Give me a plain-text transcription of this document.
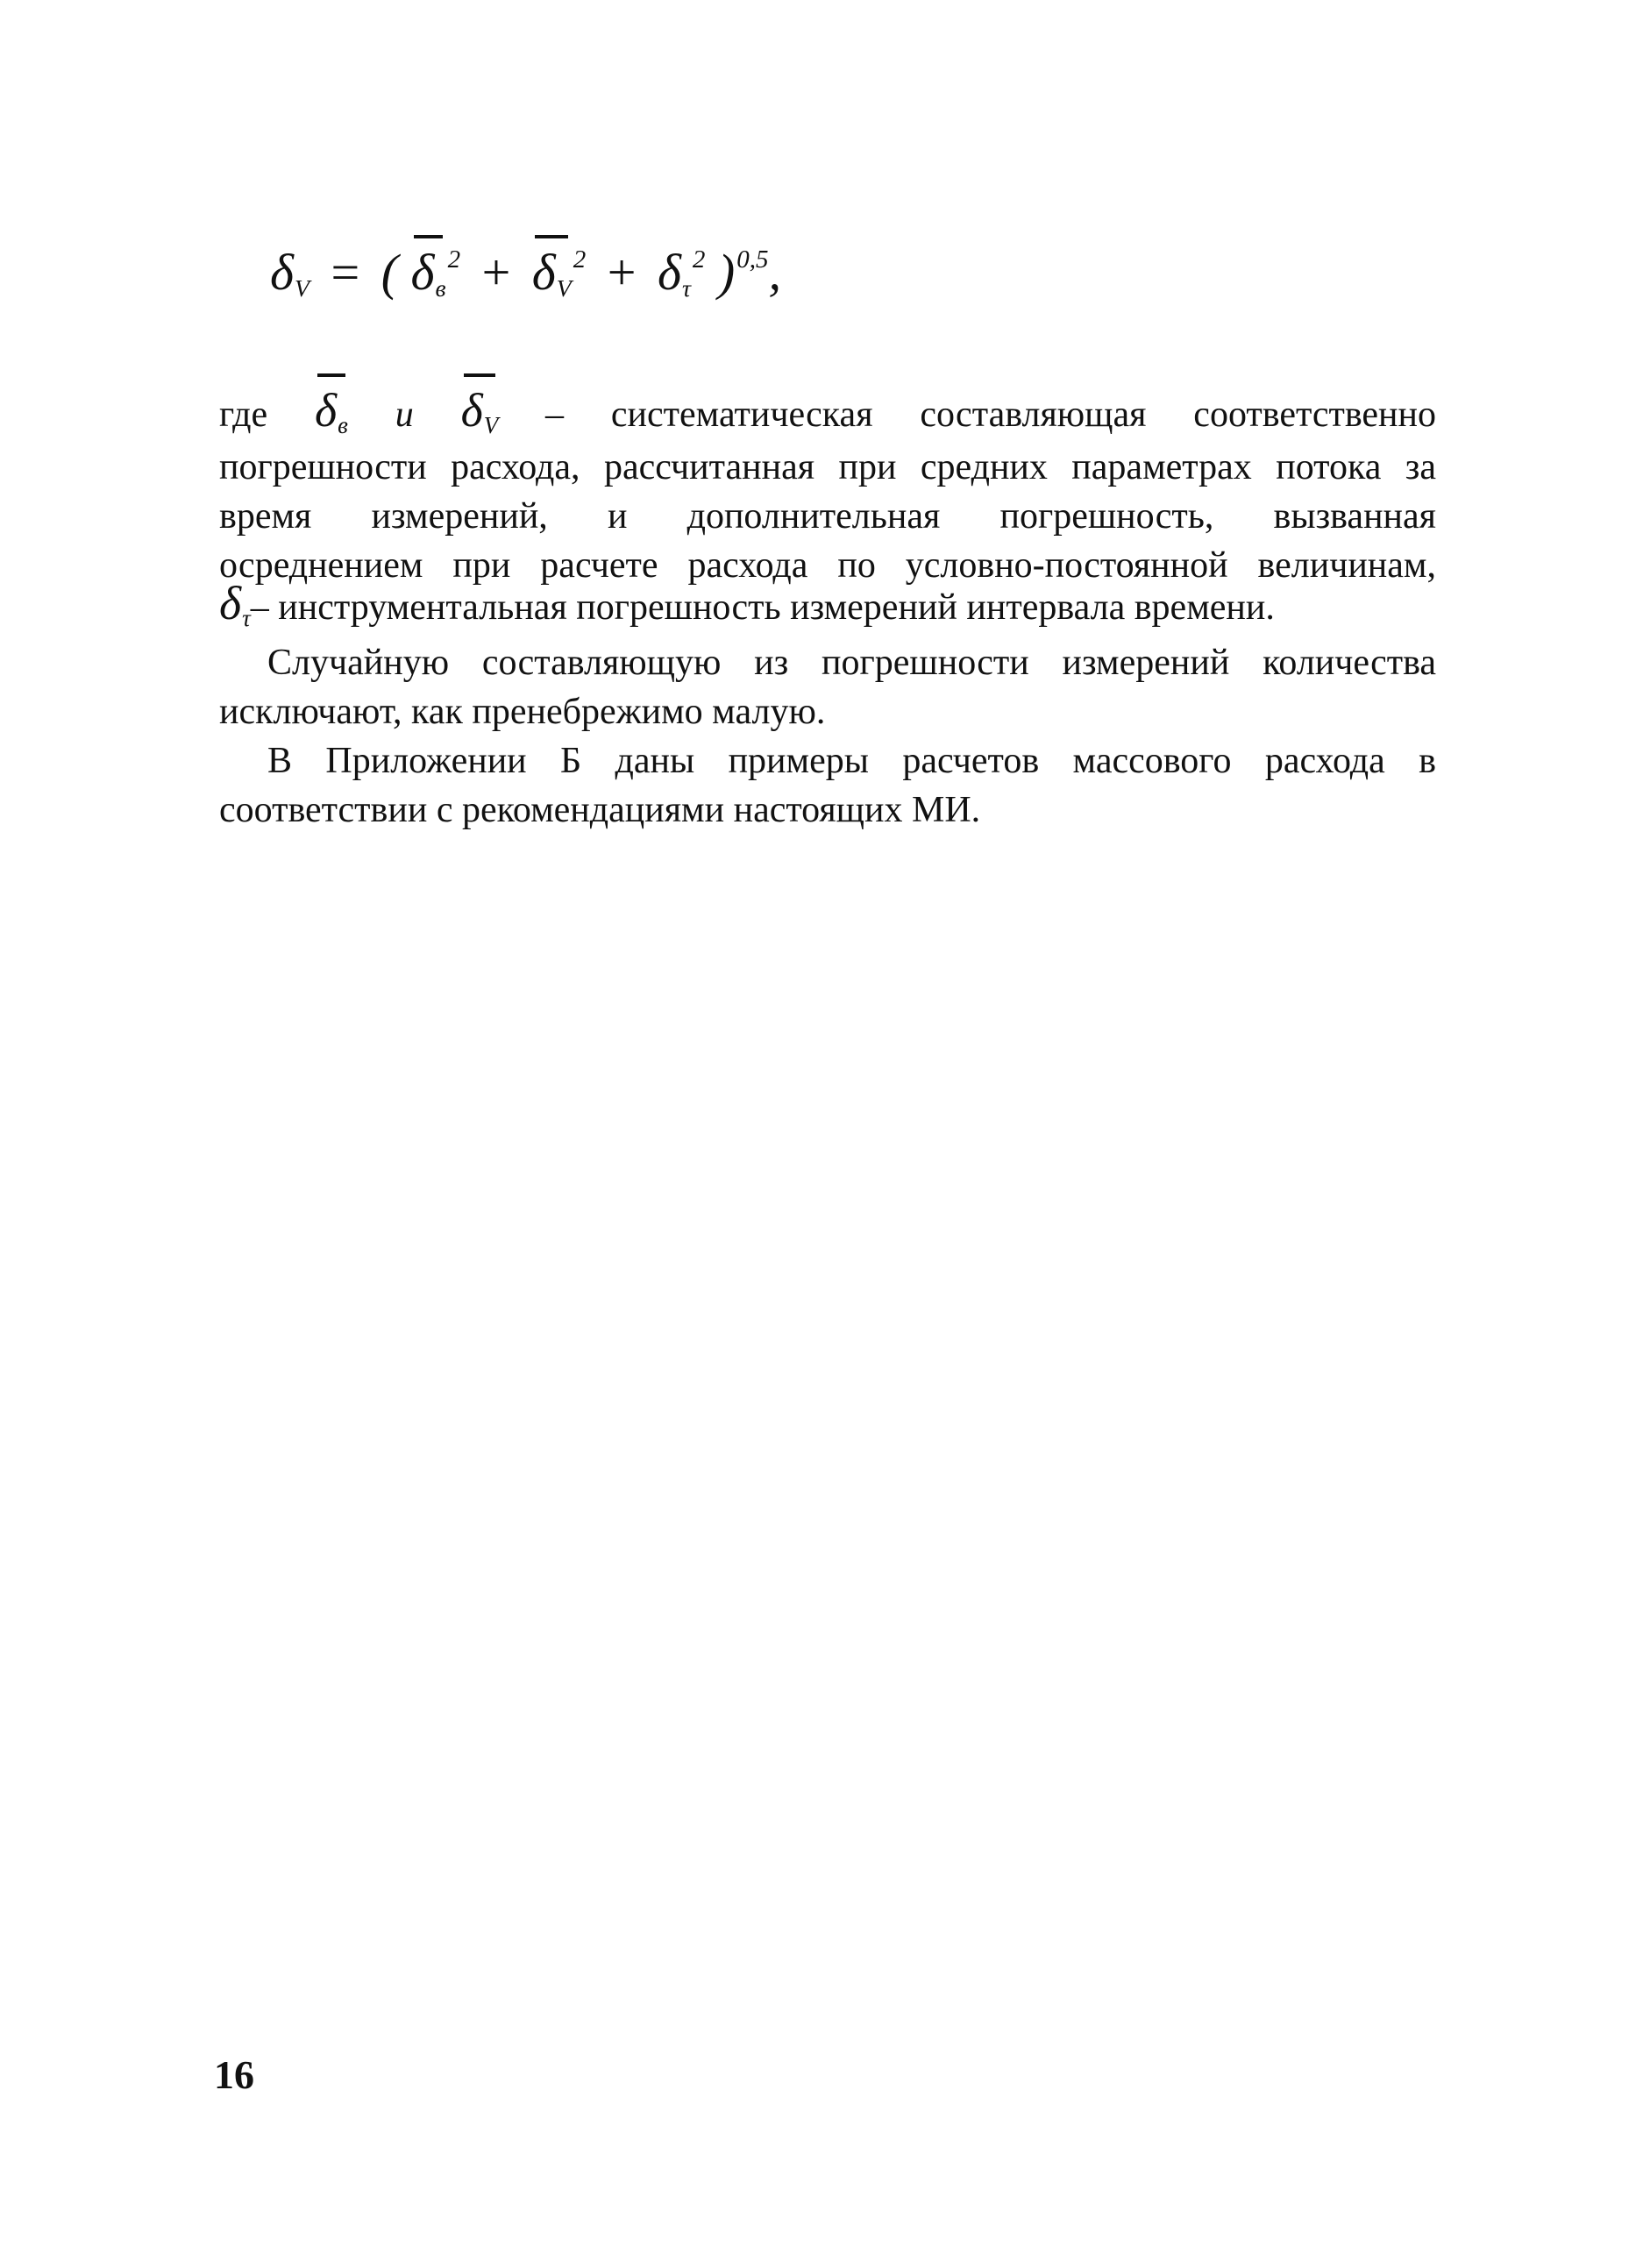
δV = ( $\delta в^2 + \delta V^2 + \delta\tau^2$ )$^{0,5}$,
где δв и δV – систематическая составляющая соответственно
погрешности расхода, рассчитанная при средних параметрах потока за
время измерений, и дополнительная погрешность, вызванная
осреднением при расчете расхода по условно-постоянной величинам,
δτ– инструментальная погрешность измерений интервала времени.
Случайную составляющую из погрешности измерений количества
исключают, как пренебрежимо малую.
В Приложении Б даны примеры расчетов массового расхода в
соответствии с рекомендациями настоящих МИ.
16
